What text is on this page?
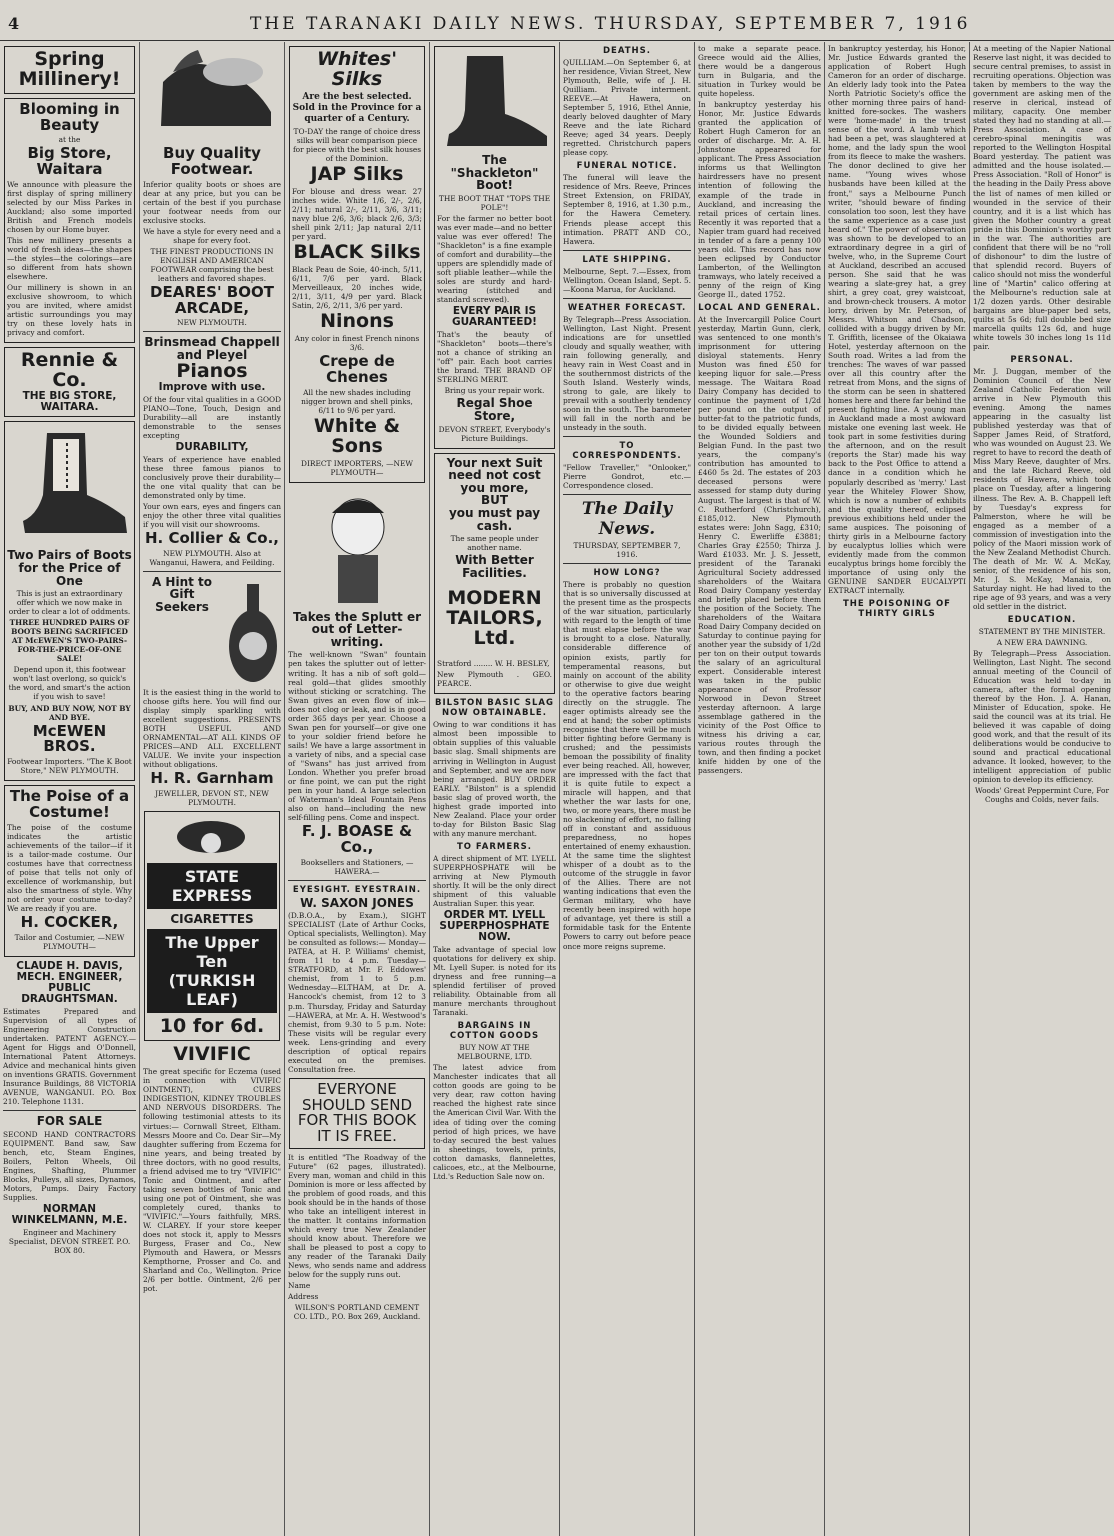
4	THE TARANAKI DAILY NEWS. THURSDAY, SEPTEMBER 7, 1916
Spring Millinery!
Blooming in Beauty
at the
Big Store, Waitara

We announce with pleasure the first display of spring millinery selected by our Miss Parkes in Auckland; also some imported British and French models chosen by our Home buyer.

This new millinery presents a world of fresh ideas—the shapes—the styles—the colorings—are so different from hats shown elsewhere.

Our millinery is shown in an exclusive showroom, to which you are invited, where amidst artistic surroundings you may try on these lovely hats in privacy and comfort.

Rennie & Co.
THE BIG STORE, WAITARA.
Two Pairs of Boots for the Price of One

This is just an extraordinary offer which we now make in order to clear a lot of oddments.

THREE HUNDRED PAIRS OF BOOTS BEING SACRIFICED AT McEWEN'S TWO-PAIRS-FOR-THE-PRICE-OF-ONE SALE!

Depend upon it, this footwear won't last overlong, so quick's the word, and smart's the action if you wish to save!

BUY, AND BUY NOW, NOT BY AND BYE.

McEWEN BROS.

Footwear Importers. "The K Boot Store," NEW PLYMOUTH.

The Poise of a Costume!

The poise of the costume indicates the artistic achievements of the tailor—if it is a tailor-made costume. Our costumes have that correctness of poise that tells not only of excellence of workmanship, but also the smartness of style. Why not order your costume to-day? We are ready if you are.

H. COCKER,

Tailor and Costumier, —NEW PLYMOUTH—

CLAUDE H. DAVIS, MECH. ENGINEER, PUBLIC DRAUGHTSMAN.

Estimates Prepared and Supervision of all types of Engineering Construction undertaken. PATENT AGENCY.—Agent for Higgs and O'Donnell, International Patent Attorneys. Advice and mechanical hints given on inventions GRATIS. Government Insurance Buildings, 88 VICTORIA AVENUE, WANGANUI. P.O. Box 210. Telephone 1131.

FOR SALE

SECOND HAND CONTRACTORS EQUIPMENT. Band saw, Saw bench, etc, Steam Engines, Boilers, Pelton Wheels, Oil Engines, Shafting, Plummer Blocks, Pulleys, all sizes, Dynamos, Motors, Pumps. Dairy Factory Supplies.

NORMAN WINKELMANN, M.E.

Engineer and Machinery Specialist, DEVON STREET. P.O. BOX 80.

Buy Quality Footwear.

Inferior quality boots or shoes are dear at any price, but you can be certain of the best if you purchase your footwear needs from our exclusive stocks.

We have a style for every need and a shape for every foot.

THE FINEST PRODUCTIONS IN ENGLISH AND AMERICAN FOOTWEAR comprising the best leathers and favored shapes.

DEARES' BOOT ARCADE,

NEW PLYMOUTH.

Brinsmead Chappell and Pleyel
Pianos
Improve with use.

Of the four vital qualities in a GOOD PIANO—Tone, Touch, Design and Durability—all are instantly demonstrable to the senses excepting

DURABILITY,

Years of experience have enabled these three famous pianos to conclusively prove their durability—the one vital quality that can be demonstrated only by time.

Your own ears, eyes and fingers can enjoy the other three vital qualities if you will visit our showrooms.

H. Collier & Co.,

NEW PLYMOUTH. Also at Wanganui, Hawera, and Feilding.

A Hint to Gift Seekers

It is the easiest thing in the world to choose gifts here. You will find our display simply sparkling with excellent suggestions. PRESENTS BOTH USEFUL AND ORNAMENTAL—AT ALL KINDS OF PRICES—AND ALL EXCELLENT VALUE. We invite your inspection without obligations.

H. R. Garnham

JEWELLER, DEVON ST., NEW PLYMOUTH.

STATE EXPRESS
CIGARETTES
The Upper Ten (TURKISH LEAF)
10 for 6d.
VIVIFIC

The great specific for Eczema (used in connection with VIVIFIC OINTMENT), CURES INDIGESTION, KIDNEY TROUBLES AND NERVOUS DISORDERS. The following testimonial attests to its virtues:— Cornwall Street, Eltham. Messrs Moore and Co. Dear Sir—My daughter suffering from Eczema for nine years, and being treated by three doctors, with no good results, a friend advised me to try "VIVIFIC" Tonic and Ointment, and after taking seven bottles of Tonic and using one pot of Ointment, she was completely cured, thanks to "VIVIFIC."—Yours faithfully, MRS. W. CLAREY. If your store keeper does not stock it, apply to Messrs Burgess, Fraser and Co., New Plymouth and Hawera, or Messrs Kempthorne, Prosser and Co. and Sharland and Co., Wellington. Price 2/6 per bottle. Ointment, 2/6 per pot.

Whites' Silks

Are the best selected. Sold in the Province for a quarter of a Century.

TO-DAY the range of choice dress silks will bear comparison piece for piece with the best silk houses of the Dominion.

JAP Silks

For blouse and dress wear. 27 inches wide. White 1/6, 2/-, 2/6, 2/11; natural 2/-, 2/11, 3/6, 3/11; navy blue 2/6, 3/6; black 2/6, 3/3; shell pink 2/11; Jap natural 2/11 per yard.

BLACK Silks

Black Peau de Soie, 40-inch, 5/11, 6/11, 7/6 per yard. Black Merveilleaux, 20 inches wide, 2/11, 3/11, 4/9 per yard. Black Satin, 2/6, 2/11, 3/6 per yard.

Ninons

Any color in finest French ninons 3/6.

Crepe de Chenes

All the new shades including nigger brown and shell pinks, 6/11 to 9/6 per yard.

White & Sons

DIRECT IMPORTERS, —NEW PLYMOUTH—

Takes the Splutt er out of Letter-writing.

The well-known "Swan" fountain pen takes the splutter out of letter-writing. It has a nib of soft gold—real gold—that glides smoothly without sticking or scratching. The Swan gives an even flow of ink—does not clog or leak, and is in good order 365 days per year. Choose a Swan pen for yourself—or give one to your soldier friend before he sails! We have a large assortment in a variety of nibs, and a special case of "Swans" has just arrived from London. Whether you prefer broad or fine point, we can put the right pen in your hand. A large selection of Waterman's Ideal Fountain Pens also on hand—including the new self-filling pens. Come and inspect.

F. J. BOASE & Co.,

Booksellers and Stationers, —HAWERA.—

EYESIGHT. EYESTRAIN.
W. SAXON JONES

(D.B.O.A., by Exam.), SIGHT SPECIALIST (Late of Arthur Cocks, Optical specialists, Wellington). May be consulted as follows:— Monday—PATEA, at H. P. Williams' chemist, from 11 to 4 p.m. Tuesday—STRATFORD, at Mr. F. Eddowes' chemist, from 1 to 5 p.m. Wednesday—ELTHAM, at Dr. A. Hancock's chemist, from 12 to 3 p.m. Thursday, Friday and Saturday—HAWERA, at Mr. A. H. Westwood's chemist, from 9.30 to 5 p.m. Note: These visits will be regular every week. Lens-grinding and every description of optical repairs executed on the premises. Consultation free.

EVERYONE SHOULD SEND FOR THIS BOOK IT IS FREE.

It is entitled "The Roadway of the Future" (62 pages, illustrated). Every man, woman and child in this Dominion is more or less affected by the problem of good roads, and this book should be in the hands of those who take an intelligent interest in the matter. It contains information which every true New Zealander should know about. Therefore we shall be pleased to post a copy to any reader of the Taranaki Daily News, who sends name and address below for the supply runs out.

Name

Address

WILSON'S PORTLAND CEMENT CO. LTD., P.O. Box 269, Auckland.

The "Shackleton" Boot!

THE BOOT THAT "TOPS THE POLE"!

For the farmer no better boot was ever made—and no better value was ever offered! The "Shackleton" is a fine example of comfort and durability—the uppers are splendidly made of soft pliable leather—while the soles are sturdy and hard-wearing (stitched and standard screwed).

EVERY PAIR IS GUARANTEED!

That's the beauty of "Shackleton" boots—there's not a chance of striking an "off" pair. Each boot carries the brand. THE BRAND OF STERLING MERIT.

Bring us your repair work.

Regal Shoe Store,

DEVON STREET, Everybody's Picture Buildings.

Your next Suit need not cost you more,
BUT
you must pay cash.

The same people under another name.

With Better Facilities.
MODERN TAILORS, Ltd.

Stratford ........ W. H. BESLEY,

New Plymouth . GEO. PEARCE.

BILSTON BASIC SLAG NOW OBTAINABLE.

Owing to war conditions it has almost been impossible to obtain supplies of this valuable basic slag. Small shipments are arriving in Wellington in August and September, and we are now being arranged. BUY ORDER EARLY. "Bilston" is a splendid basic slag of proved worth, the highest grade imported into New Zealand. Place your order to-day for Bilston Basic Slag with any manure merchant.

TO FARMERS.

A direct shipment of MT. LYELL SUPERPHOSPHATE will be arriving at New Plymouth shortly. It will be the only direct shipment of this valuable Australian Super. this year.

ORDER MT. LYELL SUPERPHOSPHATE NOW.

Take advantage of special low quotations for delivery ex ship. Mt. Lyell Super. is noted for its dryness and free running—a splendid fertiliser of proved reliability. Obtainable from all manure merchants throughout Taranaki.

BARGAINS IN COTTON GOODS

BUY NOW AT THE MELBOURNE, LTD.

The latest advice from Manchester indicates that all cotton goods are going to be very dear, raw cotton having reached the highest rate since the American Civil War. With the idea of tiding over the coming period of high prices, we have to-day secured the best values in sheetings, towels, prints, cotton damasks, flannelettes, calicoes, etc., at the Melbourne, Ltd.'s Reduction Sale now on.

DEATHS.

QUILLIAM.—On September 6, at her residence, Vivian Street, New Plymouth, Belle, wife of J. H. Quilliam. Private interment. REEVE.—At Hawera, on September 5, 1916, Ethel Annie, dearly beloved daughter of Mary Reeve and the late Richard Reeve; aged 34 years. Deeply regretted. Christchurch papers please copy.

FUNERAL NOTICE.

The funeral will leave the residence of Mrs. Reeve, Princes Street Extension, on FRIDAY, September 8, 1916, at 1.30 p.m., for the Hawera Cemetery. Friends please accept this intimation. PRATT AND CO., Hawera.

LATE SHIPPING.

Melbourne, Sept. 7.—Essex, from Wellington. Ocean Island, Sept. 5.—Koona Marua, for Auckland.

WEATHER FORECAST.

By Telegraph—Press Association. Wellington, Last Night. Present indications are for unsettled cloudy and squally weather, with rain following generally, and heavy rain in West Coast and in the southernmost districts of the South Island. Westerly winds, strong to gale, are likely to prevail with a southerly tendency soon in the south. The barometer will fall in the north and be unsteady in the south.

TO CORRESPONDENTS.

"Fellow Traveller," "Onlooker," Pierre Gondrot, etc.—Correspondence closed.

The Daily News.

THURSDAY, SEPTEMBER 7, 1916.

HOW LONG?

There is probably no question that is so universally discussed at the present time as the prospects of the war situation, particularly with regard to the length of time that must elapse before the war is brought to a close. Naturally, considerable difference of opinion exists, partly for temperamental reasons, but mainly on account of the ability or otherwise to give due weight to the operative factors bearing directly on the struggle. The eager optimists already see the end at hand; the sober optimists recognise that there will be much bitter fighting before Germany is crushed; and the pessimists bemoan the possibility of finality ever being reached. All, however, are impressed with the fact that it is quite futile to expect a miracle will happen, and that whether the war lasts for one, two, or more years, there must be no slackening of effort, no falling off in constant and assiduous preparedness, no hopes entertained of enemy exhaustion. At the same time the slightest whisper of a doubt as to the outcome of the struggle in favor of the Allies. There are not wanting indications that even the German military, who have recently been inspired with hope of advantage, yet there is still a formidable task for the Entente Powers to carry out before peace once more reigns supreme.

to make a separate peace. Greece would aid the Allies, there would be a dangerous turn in Bulgaria, and the situation in Turkey would be quite hopeless.

In bankruptcy yesterday his Honor, Mr. Justice Edwards granted the application of Robert Hugh Cameron for an order of discharge. Mr. A. H. Johnstone appeared for applicant. The Press Association informs us that Wellington hairdressers have no present intention of following the example of the trade in Auckland, and increasing the retail prices of certain lines. Recently it was reported that a Napier tram guard had received in tender of a fare a penny 100 years old. This record has now been eclipsed by Conductor Lamberton, of the Wellington tramways, who lately received a penny of the reign of King George II., dated 1752.

LOCAL AND GENERAL.

At the Invercargill Police Court yesterday, Martin Gunn, clerk, was sentenced to one month's imprisonment for uttering disloyal statements. Henry Muston was fined £50 for keeping liquor for sale.—Press message. The Waitara Road Dairy Company has decided to continue the payment of 1/2d per pound on the output of butter-fat to the patriotic funds, to be divided equally between the Wounded Soldiers and Belgian Fund. In the past two years, the company's contribution has amounted to £460 5s 2d. The estates of 203 deceased persons were assessed for stamp duty during August. The largest is that of W. C. Rutherford (Christchurch), £185,012. New Plymouth estates were: John Sagg, £310; Henry C. Ewerliffe £3881; Charles Gray £2550; Thirza J. Ward £1033. Mr. J. S. Jessett, president of the Taranaki Agricultural Society addressed shareholders of the Waitara Road Dairy Company yesterday and briefly placed before them the position of the Society. The shareholders of the Waitara Road Dairy Company decided on Saturday to continue paying for another year the subsidy of 1/2d per ton on their output towards the salary of an agricultural expert. Considerable interest was taken in the public appearance of Professor Norwood in Devon Street yesterday afternoon. A large assemblage gathered in the vicinity of the Post Office to witness his driving a car, various routes through the town, and then finding a pocket knife hidden by one of the passengers.

In bankruptcy yesterday, his Honor, Mr. Justice Edwards granted the application of Robert Hugh Cameron for an order of discharge. An elderly lady took into the Patea North Patriotic Society's office the other morning three pairs of hand-knitted fore-sockes. The washers were 'home-made' in the truest sense of the word. A lamb which had been a pet, was slaughtered at home, and the lady spun the wool from its fleece to make the washers. The donor declined to give her name. "Young wives whose husbands have been killed at the front," says a Melbourne Punch writer, "should beware of finding consolation too soon, lest they have the same experience as a case just heard of." The power of observation was shown to be developed to an extraordinary degree in a girl of twelve, who, in the Supreme Court at Auckland, described an accused person. She said that he was wearing a slate-grey hat, a grey shirt, a grey coat, grey waistcoat, and brown-check trousers. A motor lorry, driven by Mr. Peterson, of Messrs. Whitson and Chadson, collided with a buggy driven by Mr. T. Griffith, licensee of the Okaiawa Hotel, yesterday afternoon on the South road. Writes a lad from the trenches: The waves of war passed over all this country after the retreat from Mons, and the signs of the storm can be seen in shattered homes here and there far behind the present fighting line. A young man in Auckland made a most awkward mistake one evening last week. He took part in some festivities during the afternoon, and on the result (reports the Star) made his way back to the Post Office to attend a dance in a condition which he popularly described as 'merry.' Last year the Whiteley Flower Show, which is now a number of exhibits and the quality thereof, eclipsed previous exhibitions held under the same auspices. The poisoning of thirty girls in a Melbourne factory by eucalyptus lollies which were evidently made from the common eucalyptus brings home forcibly the importance of using only the GENUINE SANDER EUCALYPTI EXTRACT internally.

THE POISONING OF THIRTY GIRLS

At a meeting of the Napier National Reserve last night, it was decided to secure central premises, to assist in recruiting operations. Objection was taken by members to the way the government are asking men of the reserve in clerical, instead of military, capacity. One member stated they had no standing at all.—Press Association. A case of cerebro-spinal meningitis was reported to the Wellington Hospital Board yesterday. The patient was admitted and the house isolated.—Press Association. "Roll of Honor" is the heading in the Daily Press above the list of names of men killed or wounded in the service of their country, and it is a list which has given the Mother country a great pride in this Dominion's worthy part in the war. The authorities are confident that there will be no "roll of dishonour" to dim the lustre of that splendid record. Buyers of calico should not miss the wonderful line of "Martin" calico offering at the Melbourne's reduction sale at 1/2 dozen yards. Other desirable bargains are blue-paper bed sets, quilts at 5s 6d; full double bed size marcella quilts 12s 6d, and huge white towels 30 inches long 1s 11d pair.

PERSONAL.

Mr. J. Duggan, member of the Dominion Council of the New Zealand Catholic Federation will arrive in New Plymouth this evening. Among the names appearing in the casualty list published yesterday was that of Sapper James Reid, of Stratford, who was wounded on August 23. We regret to have to record the death of Miss Mary Reeve, daughter of Mrs. and the late Richard Reeve, old residents of Hawera, which took place on Tuesday, after a lingering illness. The Rev. A. B. Chappell left by Tuesday's express for Palmerston, where he will be engaged as a member of a commission of investigation into the policy of the Maori mission work of the New Zealand Methodist Church. The death of Mr. W. A. McKay, senior, of the residence of his son, Mr. J. S. McKay, Manaia, on Saturday night. He had lived to the ripe age of 93 years, and was a very old settler in the district.

EDUCATION.

STATEMENT BY THE MINISTER.

A NEW ERA DAWNING.

By Telegraph—Press Association. Wellington, Last Night. The second annual meeting of the Council of Education was held to-day in camera, after the formal opening thereof by the Hon. J. A. Hanan, Minister of Education, spoke. He said the council was at its trial. He believed it was capable of doing good work, and that the result of its deliberations would be conducive to sound and practical educational advance. It looked, however, to the intelligent appreciation of public opinion to develop its efficiency.

Woods' Great Peppermint Cure, For Coughs and Colds, never fails.
